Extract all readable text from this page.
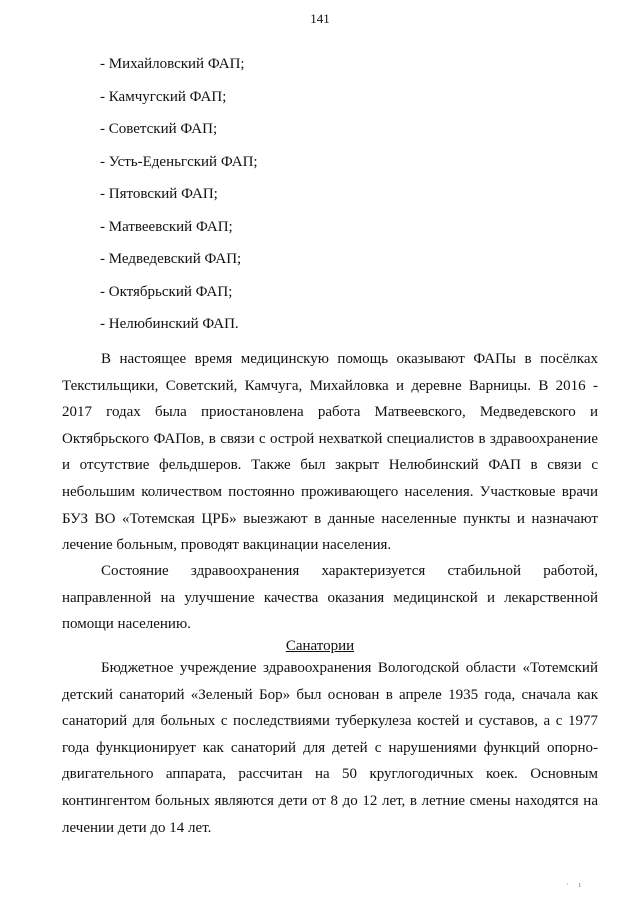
141
- Михайловский ФАП;
- Камчугский ФАП;
- Советский ФАП;
- Усть-Еденьгский ФАП;
- Пятовский ФАП;
- Матвеевский ФАП;
- Медведевский ФАП;
- Октябрьский ФАП;
- Нелюбинский ФАП.

В настоящее время медицинскую помощь оказывают ФАПы в посёлках Текстильщики, Советский, Камчуга, Михайловка и деревне Варницы. В 2016 - 2017 годах была приостановлена работа Матвеевского, Медведевского и Октябрьского ФАПов, в связи с острой нехваткой специалистов в здравоохранение и отсутствие фельдшеров. Также был закрыт Нелюбинский ФАП в связи с небольшим количеством постоянно проживающего населения. Участковые врачи БУЗ ВО «Тотемская ЦРБ» выезжают в данные населенные пункты и назначают лечение больным, проводят вакцинации населения.

Состояние здравоохранения характеризуется стабильной работой, направленной на улучшение качества оказания медицинской и лекарственной помощи населению.

Санатории

Бюджетное учреждение здравоохранения Вологодской области «Тотемский детский санаторий «Зеленый Бор» был основан в апреле 1935 года, сначала как санаторий для больных с последствиями туберкулеза костей и суставов, а с 1977 года функционирует как санаторий для детей с нарушениями функций опорно-двигательного аппарата, рассчитан на 50 круглогодичных коек. Основным контингентом больных являются дети от 8 до 12 лет, в летние смены находятся на лечении дети до 14 лет.

· ı
